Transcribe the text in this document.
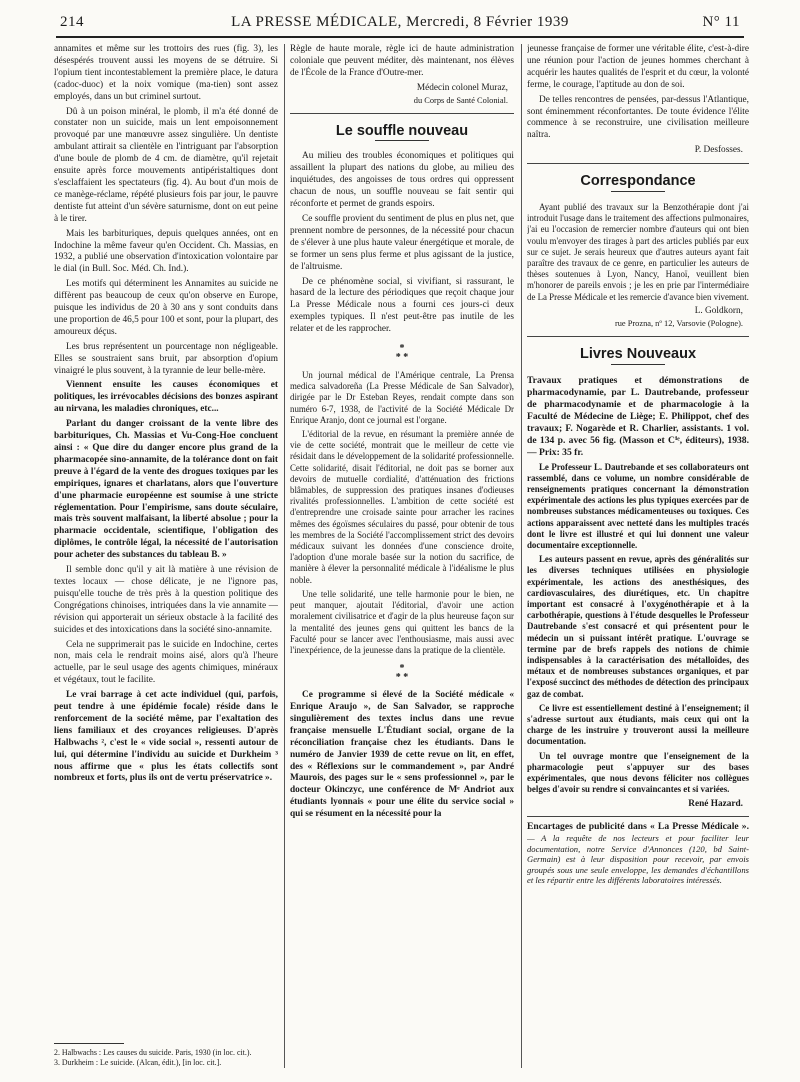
214	LA PRESSE MÉDICALE, Mercredi, 8 Février 1939	N° 11

annamites et même sur les trottoirs des rues (fig. 3), les désespérés trouvent aussi les moyens de se détruire. Si l'opium tient incontestablement la première place, le datura (cadoc-duoc) et la noix vomique (ma-tien) sont assez employés, dans un but criminel surtout.

Dû à un poison minéral, le plomb, il m'a été donné de constater non un suicide, mais un lent empoisonnement provoqué par une manœuvre assez singulière. Un dentiste ambulant attirait sa clientèle en l'intriguant par l'absorption d'une boule de plomb de 4 cm. de diamètre, qu'il rejetait ensuite après force mouvements antipéristaltiques dont s'esclaffaient les spectateurs (fig. 4). Au bout d'un mois de ce manège-réclame, répété plusieurs fois par jour, le pauvre dentiste fut atteint d'un sévère saturnisme, dont on eut peine à le tirer.

Mais les barbituriques, depuis quelques années, ont en Indochine la même faveur qu'en Occident. Ch. Massias, en 1932, a publié une observation d'intoxication volontaire par le dial (in Bull. Soc. Méd. Ch. Ind.).

Les motifs qui déterminent les Annamites au suicide ne diffèrent pas beaucoup de ceux qu'on observe en Europe, puisque les individus de 20 à 30 ans y sont conduits dans une proportion de 46,5 pour 100 et sont, pour la plupart, des amoureux déçus.

Les brus représentent un pourcentage non négligeable. Elles se soustraient sans bruit, par absorption d'opium vinaigré le plus souvent, à la tyrannie de leur belle-mère.

Viennent ensuite les causes économiques et politiques, les irrévocables décisions des bonzes aspirant au nirvana, les maladies chroniques, etc...

Parlant du danger croissant de la vente libre des barbituriques, Ch. Massias et Vu-Cong-Hoe concluent ainsi : « Que dire du danger encore plus grand de la pharmacopée sino-annamite, de la tolérance dont on fait preuve à l'égard de la vente des drogues toxiques par les empiriques, ignares et charlatans, alors que l'ouverture d'une pharmacie européenne est soumise à une stricte réglementation. Pour l'empirisme, sans doute séculaire, mais très souvent malfaisant, la liberté absolue ; pour la pharmacie occidentale, scientifique, l'obligation des diplômes, le contrôle légal, la nécessité de l'autorisation pour acheter des substances du tableau B. »

Il semble donc qu'il y ait là matière à une révision de textes locaux — chose délicate, je ne l'ignore pas, puisqu'elle touche de très près à la question politique des Congrégations chinoises, intriquées dans la vie annamite — révision qui apporterait un sérieux obstacle à la facilité des suicides et des intoxications dans la société sino-annamite.

Cela ne supprimerait pas le suicide en Indochine, certes non, mais cela le rendrait moins aisé, alors qu'à l'heure actuelle, par le seul usage des agents chimiques, minéraux et végétaux, tout le facilite.

Le vrai barrage à cet acte individuel (qui, parfois, peut tendre à une épidémie focale) réside dans le renforcement de la société même, par l'exaltation des liens familiaux et des croyances religieuses. D'après Halbwachs ², c'est le « vide social », ressenti autour de lui, qui détermine l'individu au suicide et Durkheim ³ nous affirme que « plus les états collectifs sont nombreux et forts, plus ils ont de vertu préservatrice ».

2. Halbwachs : Les causes du suicide. Paris, 1930 (in loc. cit.).
3. Durkheim : Le suicide. (Alcan, édit.), [in loc. cit.].

Règle de haute morale, règle ici de haute administration coloniale que peuvent méditer, dès maintenant, nos élèves de l'École de la France d'Outre-mer.

Médecin colonel Muraz,

du Corps de Santé Colonial.

Le souffle nouveau

Au milieu des troubles économiques et politiques qui assaillent la plupart des nations du globe, au milieu des inquiétudes, des angoisses de tous ordres qui oppressent chacun de nous, un souffle nouveau se fait sentir qui réconforte et permet de grands espoirs.

Ce souffle provient du sentiment de plus en plus net, que prennent nombre de personnes, de la nécessité pour chacun de s'élever à une plus haute valeur énergétique et morale, de se former un sens plus ferme et plus agissant de la justice, de l'altruisme.

De ce phénomène social, si vivifiant, si rassurant, le hasard de la lecture des périodiques que reçoit chaque jour La Presse Médicale nous a fourni ces jours-ci deux exemples typiques. Il n'est peut-être pas inutile de les relater et de les rapprocher.

*
* *

Un journal médical de l'Amérique centrale, La Prensa medica salvadoreña (La Presse Médicale de San Salvador), dirigée par le Dr Esteban Reyes, rendait compte dans son numéro 6-7, 1938, de l'activité de la Société Médicale Dr Enrique Aranjo, dont ce journal est l'organe.

L'éditorial de la revue, en résumant la première année de vie de cette société, montrait que le meilleur de cette vie résidait dans le développement de la solidarité professionnelle. Cette solidarité, disait l'éditorial, ne doit pas se borner aux devoirs de mutuelle cordialité, d'atténuation des frictions blâmables, de suppression des pratiques insanes d'odieuses rivalités professionnelles. L'ambition de cette société est d'entreprendre une croisade sainte pour arracher les racines mêmes des égoïsmes séculaires du passé, pour obtenir de tous les membres de la Société l'accomplissement strict des devoirs médicaux suivant les données d'une conscience droite, l'adoption d'une morale basée sur la notion du sacrifice, de manière à élever la personnalité médicale à l'idéalisme le plus noble.

Une telle solidarité, une telle harmonie pour le bien, ne peut manquer, ajoutait l'éditorial, d'avoir une action moralement civilisatrice et d'agir de la plus heureuse façon sur la mentalité des jeunes gens qui quittent les bancs de la Faculté pour se lancer avec l'enthousiasme, mais aussi avec l'inexpérience, de la jeunesse dans la pratique de la clientèle.

*
* *

Ce programme si élevé de la Société médicale « Enrique Araujo », de San Salvador, se rapproche singulièrement des textes inclus dans une revue française mensuelle L'Étudiant social, organe de la réconciliation française chez les étudiants. Dans le numéro de Janvier 1939 de cette revue on lit, en effet, des « Réflexions sur le commandement », par André Maurois, des pages sur le « sens professionnel », par le docteur Okinczyc, une conférence de Mᵉ Andriot aux étudiants lyonnais « pour une élite du service social » qui se résument en la nécessité pour la

jeunesse française de former une véritable élite, c'est-à-dire une réunion pour l'action de jeunes hommes cherchant à acquérir les hautes qualités de l'esprit et du cœur, la volonté ferme, le courage, l'aptitude au don de soi.

De telles rencontres de pensées, par-dessus l'Atlantique, sont éminemment réconfortantes. De toute évidence l'élite commence à se reconstruire, une civilisation meilleure naîtra.

P. Desfosses.

Correspondance

Ayant publié des travaux sur la Benzothérapie dont j'ai introduit l'usage dans le traitement des affections pulmonaires, j'ai eu l'occasion de remercier nombre d'auteurs qui ont bien voulu m'envoyer des tirages à part des articles publiés par eux sur ce sujet. Je serais heureux que d'autres auteurs ayant fait paraître des travaux de ce genre, en particulier les auteurs de thèses soutenues à Lyon, Nancy, Hanoï, veuillent bien m'honorer de pareils envois ; je les en prie par l'intermédiaire de La Presse Médicale et les remercie d'avance bien vivement.

L. Goldkorn,

rue Prozna, nº 12, Varsovie (Pologne).

Livres Nouveaux

Travaux pratiques et démonstrations de pharmacodynamie, par L. Dautrebande, professeur de pharmacodynamie et de pharmacologie à la Faculté de Médecine de Liège; E. Philippot, chef des travaux; F. Nogarède et R. Charlier, assistants. 1 vol. de 134 p. avec 56 fig. (Masson et Cⁱᵉ, éditeurs), 1938. — Prix: 35 fr.

Le Professeur L. Dautrebande et ses collaborateurs ont rassemblé, dans ce volume, un nombre considérable de renseignements pratiques concernant la démonstration expérimentale des actions les plus typiques exercées par de nombreuses substances médicamenteuses ou toxiques. Ces actions apparaissent avec netteté dans les multiples tracés dont le livre est illustré et qui lui donnent une valeur documentaire exceptionnelle.

Les auteurs passent en revue, après des généralités sur les diverses techniques utilisées en physiologie expérimentale, les actions des anesthésiques, des cardiovasculaires, des diurétiques, etc. Un chapitre important est consacré à l'oxygénothérapie et à la carbothérapie, questions à l'étude desquelles le Professeur Dautrebande s'est consacré et qui présentent pour le médecin un si puissant intérêt pratique. L'ouvrage se termine par de brefs rappels des notions de chimie indispensables à la caractérisation des métalloïdes, des métaux et de nombreuses substances organiques, et par l'exposé succinct des méthodes de détection des principaux gaz de combat.

Ce livre est essentiellement destiné à l'enseignement; il s'adresse surtout aux étudiants, mais ceux qui ont la charge de les instruire y trouveront aussi la meilleure documentation.

Un tel ouvrage montre que l'enseignement de la pharmacologie peut s'appuyer sur des bases expérimentales, que nous devons féliciter nos collègues belges d'avoir su rendre si convaincantes et si variées.

René Hazard.

Encartages de publicité dans « La Presse Médicale ». — A la requête de nos lecteurs et pour faciliter leur documentation, notre Service d'Annonces (120, bd Saint-Germain) est à leur disposition pour recevoir, par envois groupés sous une seule enveloppe, les demandes d'échantillons et les répartir entre les différents laboratoires intéressés.
